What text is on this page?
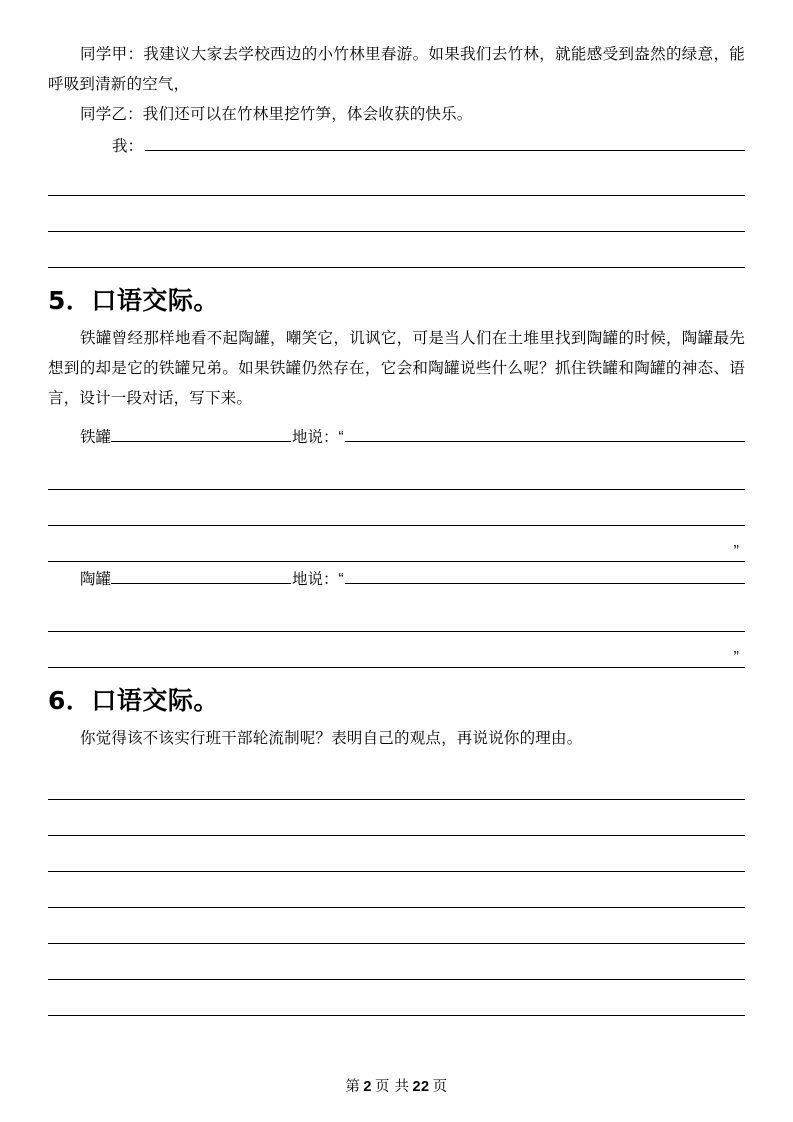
同学甲：我建议大家去学校西边的小竹林里春游。如果我们去竹林，就能感受到盎然的绿意，能呼吸到清新的空气，

同学乙：我们还可以在竹林里挖竹笋，体会收获的快乐。

我：
5．口语交际。

铁罐曾经那样地看不起陶罐，嘲笑它，讥讽它，可是当人们在土堆里找到陶罐的时候，陶罐最先想到的却是它的铁罐兄弟。如果铁罐仍然存在，它会和陶罐说些什么呢？抓住铁罐和陶罐的神态、语言，设计一段对话，写下来。

铁罐	地说：“
”
陶罐	地说：“
”
6．口语交际。

你觉得该不该实行班干部轮流制呢？表明自己的观点，再说说你的理由。

第 2 页 共 22 页
